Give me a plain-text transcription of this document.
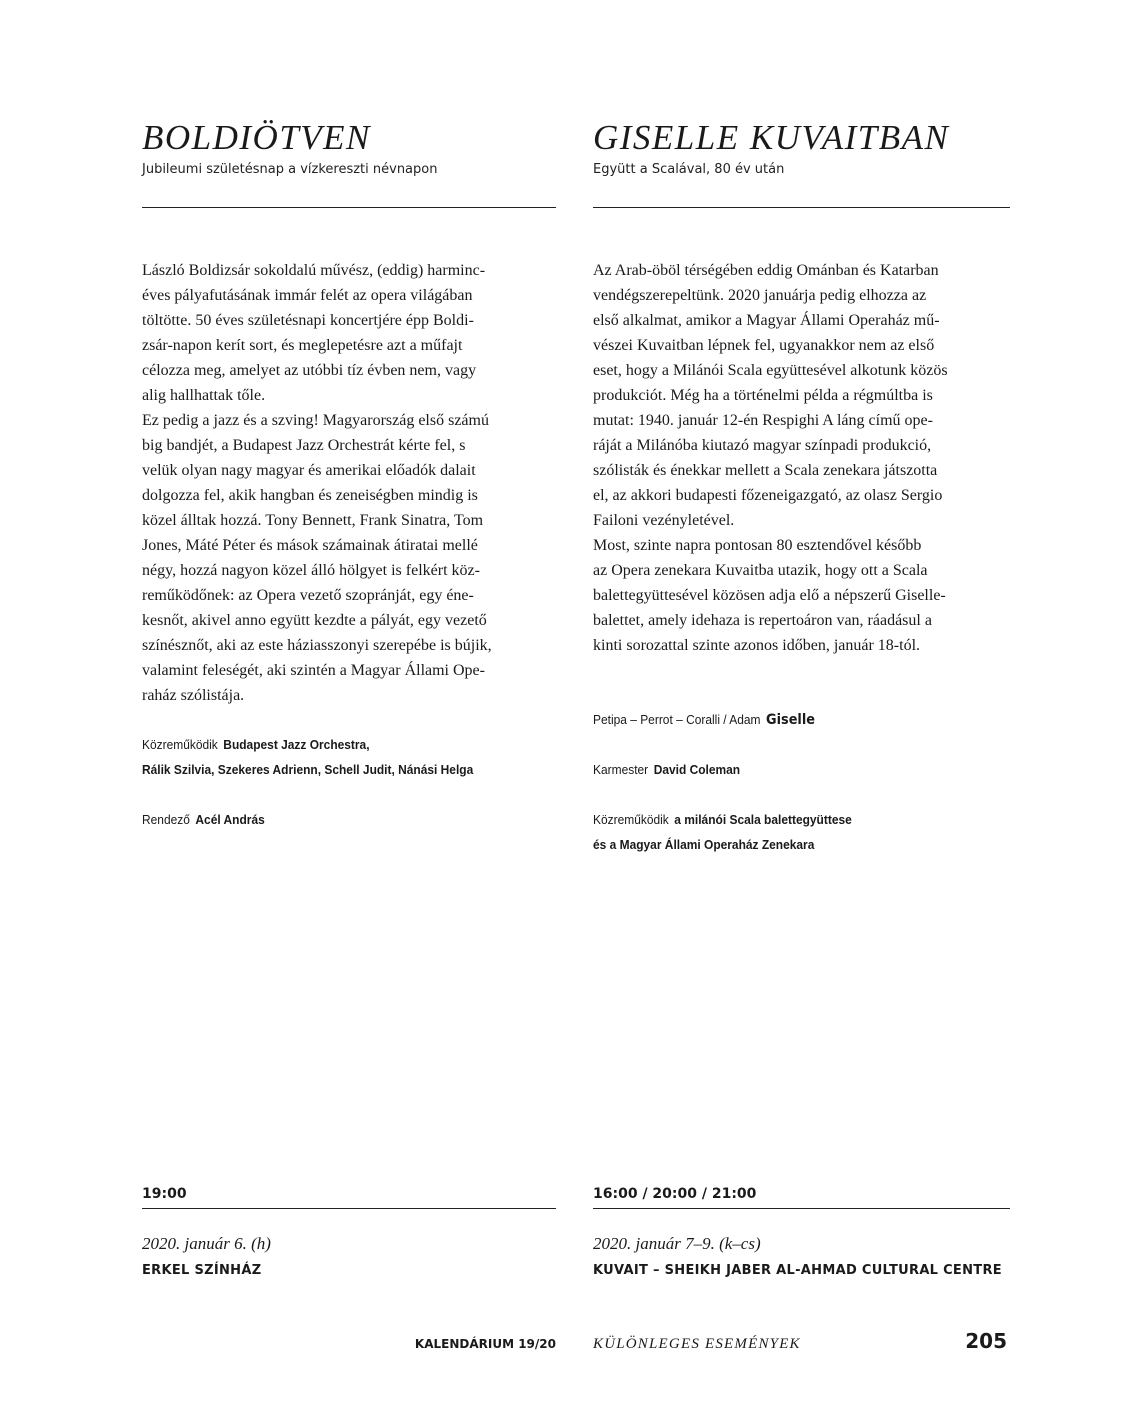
BOLDIÖTVEN
Jubileumi születésnap a vízkereszti névnapon

László Boldizsár sokoldalú művész, (eddig) harminc-
éves pályafutásának immár felét az opera világában
töltötte. 50 éves születésnapi koncertjére épp Boldi-
zsár-napon kerít sort, és meglepetésre azt a műfajt
célozza meg, amelyet az utóbbi tíz évben nem, vagy
alig hallhattak tőle.

Ez pedig a jazz és a szving! Magyarország első számú
big bandjét, a Budapest Jazz Orchestrát kérte fel, s
velük olyan nagy magyar és amerikai előadók dalait
dolgozza fel, akik hangban és zeneiségben mindig is
közel álltak hozzá. Tony Bennett, Frank Sinatra, Tom
Jones, Máté Péter és mások számainak átiratai mellé
négy, hozzá nagyon közel álló hölgyet is felkért köz-
reműködőnek: az Opera vezető szopránját, egy éne-
kesnőt, akivel anno együtt kezdte a pályát, egy vezető
színésznőt, aki az este háziasszonyi szerepébe is bújik,
valamint feleségét, aki szintén a Magyar Állami Ope-
raház szólistája.

Közreműködik Budapest Jazz Orchestra,
Rálik Szilvia, Szekeres Adrienn, Schell Judit, Nánási Helga
Rendező Acél András
19:00
2020. január 6. (h)
ERKEL SZÍNHÁZ
GISELLE KUVAITBAN
Együtt a Scalával, 80 év után

Az Arab-öböl térségében eddig Ománban és Katarban
vendégszerepeltünk. 2020 januárja pedig elhozza az
első alkalmat, amikor a Magyar Állami Operaház mű-
vészei Kuvaitban lépnek fel, ugyanakkor nem az első
eset, hogy a Milánói Scala együttesével alkotunk közös
produkciót. Még ha a történelmi példa a régmúltba is
mutat: 1940. január 12-én Respighi A láng című ope-
ráját a Milánóba kiutazó magyar színpadi produkció,
szólisták és énekkar mellett a Scala zenekara játszotta
el, az akkori budapesti főzeneigazgató, az olasz Sergio
Failoni vezényletével.

Most, szinte napra pontosan 80 esztendővel később
az Opera zenekara Kuvaitba utazik, hogy ott a Scala
balettegyüttesével közösen adja elő a népszerű Giselle-
balettet, amely idehaza is repertoáron van, ráadásul a
kinti sorozattal szinte azonos időben, január 18-tól.

Petipa – Perrot – Coralli / Adam Giselle
Karmester David Coleman
Közreműködik a milánói Scala balettegyüttese
és a Magyar Állami Operaház Zenekara
16:00 / 20:00 / 21:00
2020. január 7–9. (k–cs)
KUVAIT – SHEIKH JABER AL-AHMAD CULTURAL CENTRE
KALENDÁRIUM 19/20 KÜLÖNLEGES ESEMÉNYEK	205
